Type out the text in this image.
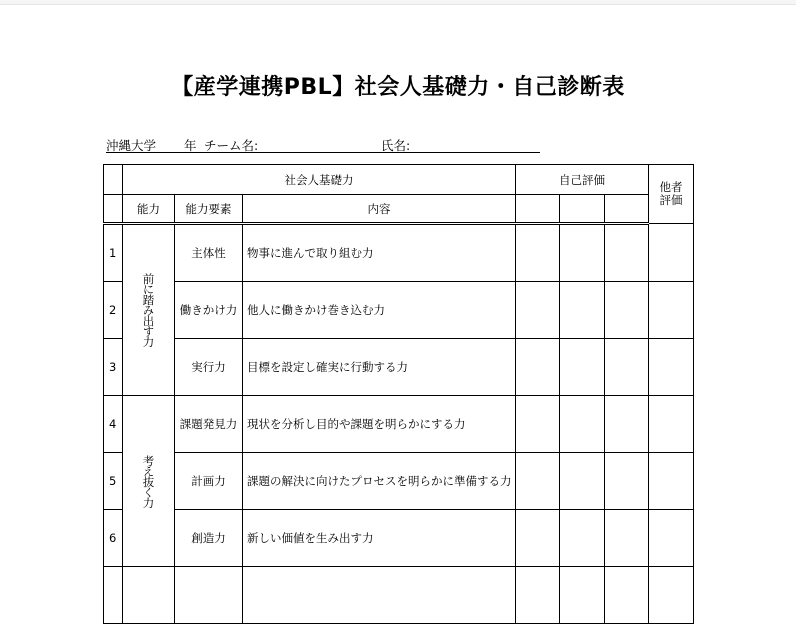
【産学連携PBL】社会人基礎力・自己診断表
沖縄大学 年 チーム名:	氏名:
	社会人基礎力			自己評価			他者評価
	能力	能力要素	内容				
1	前に踏み出す力	主体性	物事に進んで取り組む力				
2		働きかけ力	他人に働きかけ巻き込む力				
3		実行力	目標を設定し確実に行動する力				
4	考え抜く力	課題発見力	現状を分析し目的や課題を明らかにする力				
5		計画力	課題の解決に向けたプロセスを明らかに準備する力				
6		創造力	新しい価値を生み出す力				
